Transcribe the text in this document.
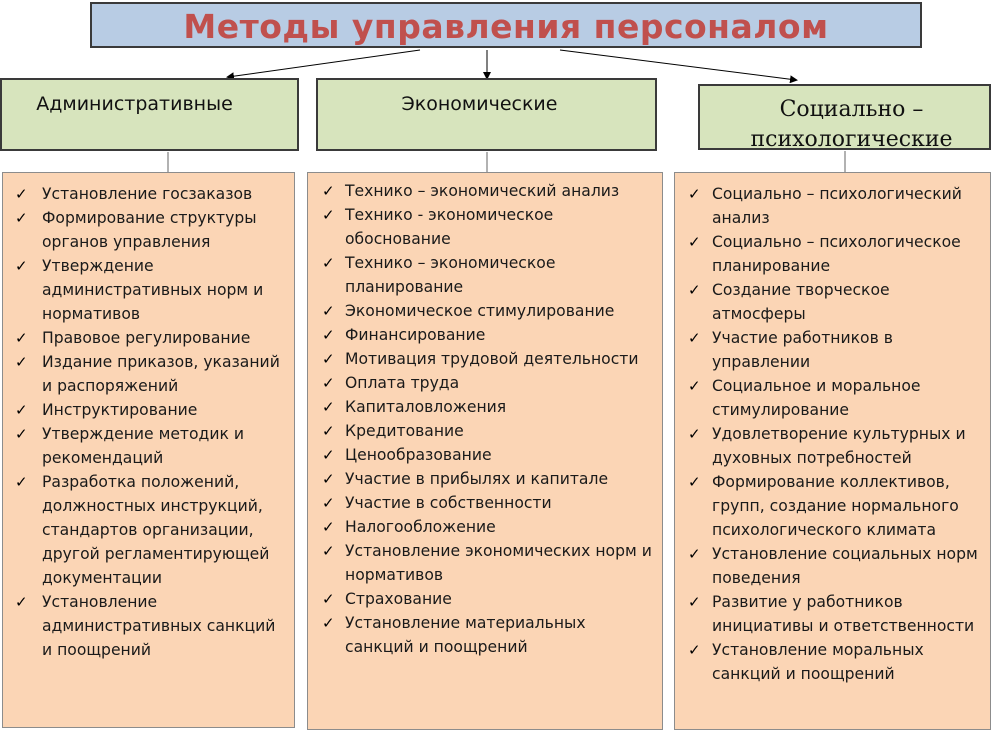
Методы управления персоналом
Административные	Экономические	Социально – психологические
✓ Установление госзаказов
✓ Формирование структуры органов управления
✓ Утверждение административных норм и нормативов
✓ Правовое регулирование
✓ Издание приказов, указаний и распоряжений
✓ Инструктирование
✓ Утверждение методик и рекомендаций
✓ Разработка положений, должностных инструкций, стандартов организации, другой регламентирующей документации
✓ Установление административных санкций и поощрений
✓ Технико – экономический анализ
✓ Технико - экономическое обоснование
✓ Технико – экономическое планирование
✓ Экономическое стимулирование
✓ Финансирование
✓ Мотивация трудовой деятельности
✓ Оплата труда
✓ Капиталовложения
✓ Кредитование
✓ Ценообразование
✓ Участие в прибылях и капитале
✓ Участие в собственности
✓ Налогообложение
✓ Установление экономических норм и нормативов
✓ Страхование
✓ Установление материальных санкций и поощрений
✓ Социально – психологический анализ
✓ Социально – психологическое планирование
✓ Создание творческое атмосферы
✓ Участие работников в управлении
✓ Социальное и моральное стимулирование
✓ Удовлетворение культурных и духовных потребностей
✓ Формирование коллективов, групп, создание нормального психологического климата
✓ Установление социальных норм поведения
✓ Развитие у работников инициативы и ответственности
✓ Установление моральных санкций и поощрений
